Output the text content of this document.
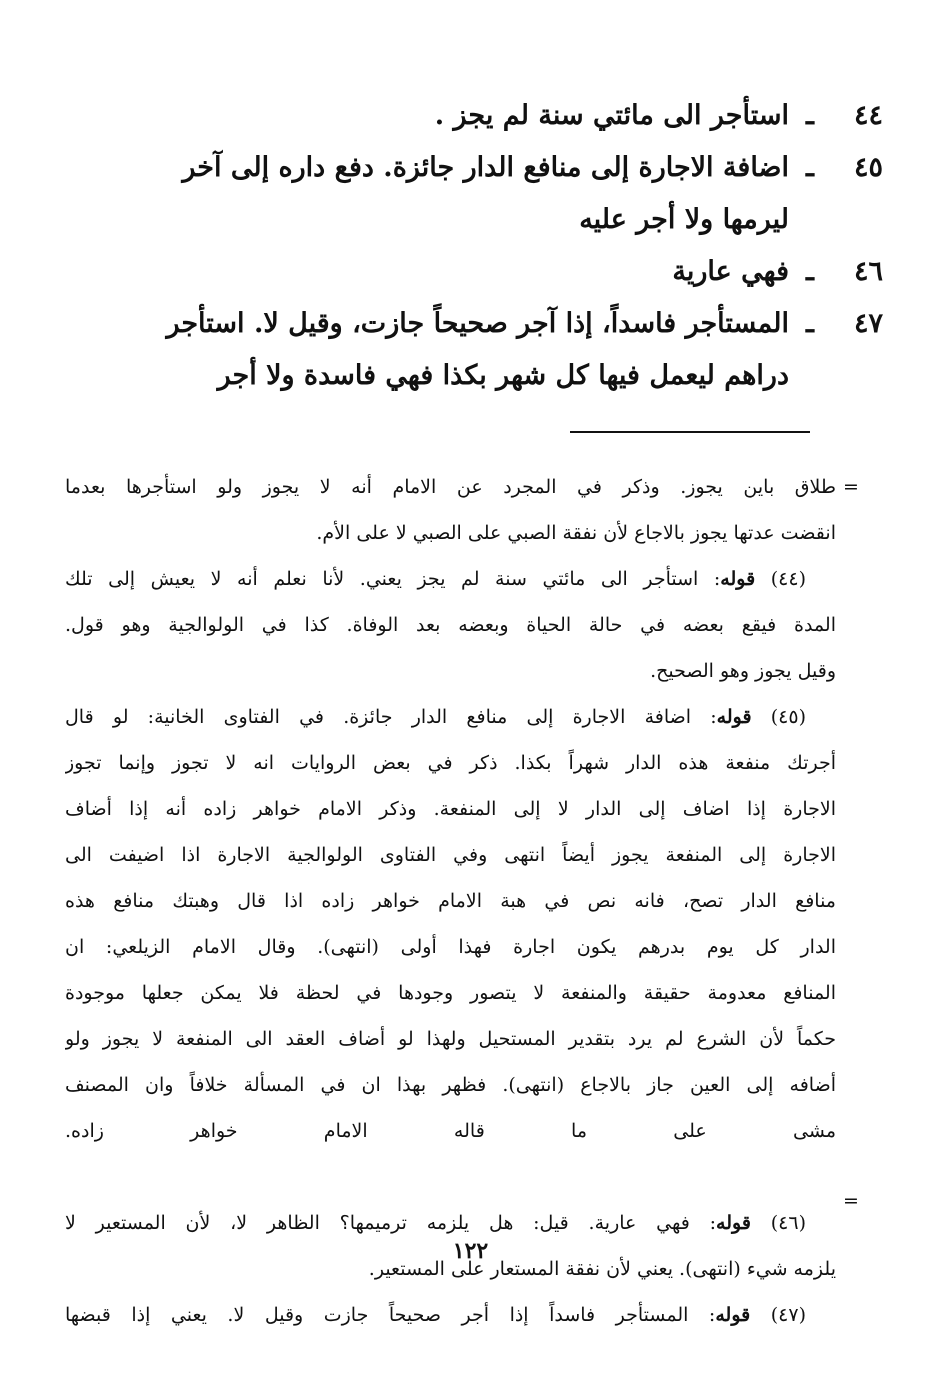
٤٤ـاستأجر الى مائتي سنة لم يجز .
٤٥ـاضافة الاجارة إلى منافع الدار جائزة. دفع داره إلى آخر
ليرمها ولا أجر عليه
٤٦ـفهي عارية
٤٧ـالمستأجر فاسداً، إذا آجر صحيحاً جازت، وقيل لا. استأجر
دراهم ليعمل فيها كل شهر بكذا فهي فاسدة ولا أجر
=
=
طلاق باين يجوز. وذكر في المجرد عن الامام أنه لا يجوز ولو استأجرها بعدما
انقضت عدتها يجوز بالاجاع لأن نفقة الصبي على الصبي لا على الأم.
(٤٤) قوله: استأجر الى مائتي سنة لم يجز يعني. لأنا نعلم أنه لا يعيش إلى تلك
المدة فيقع بعضه في حالة الحياة وبعضه بعد الوفاة. كذا في الولوالجية وهو قول.
وقيل يجوز وهو الصحيح.
(٤٥) قوله: اضافة الاجارة إلى منافع الدار جائزة. في الفتاوى الخانية: لو قال
أجرتك منفعة هذه الدار شهراً بكذا. ذكر في بعض الروايات انه لا تجوز وإنما تجوز
الاجارة إذا اضاف إلى الدار لا إلى المنفعة. وذكر الامام خواهر زاده أنه إذا أضاف
الاجارة إلى المنفعة يجوز أيضاً انتهى وفي الفتاوى الولوالجية الاجارة اذا اضيفت الى
منافع الدار تصح، فانه نص في هبة الامام خواهر زاده اذا قال وهبتك منافع هذه
الدار كل يوم بدرهم يكون اجارة فهذا أولى (انتهى). وقال الامام الزيلعي: ان
المنافع معدومة حقيقة والمنفعة لا يتصور وجودها في لحظة فلا يمكن جعلها موجودة
حكماً لأن الشرع لم يرد بتقدير المستحيل ولهذا لو أضاف العقد الى المنفعة لا يجوز ولو
أضافه إلى العين جاز بالاجاع (انتهى). فظهر بهذا ان في المسألة خلافاً وان المصنف
مشى على ما قاله الامام خواهر زاده.
(٤٦) قوله: فهي عارية. قيل: هل يلزمه ترميمها؟ الظاهر لا، لأن المستعير لا
يلزمه شيء (انتهى). يعني لأن نفقة المستعار على المستعير.
(٤٧) قوله: المستأجر فاسداً إذا أجر صحيحاً جازت وقيل لا. يعني إذا قبضها
١٢٢
